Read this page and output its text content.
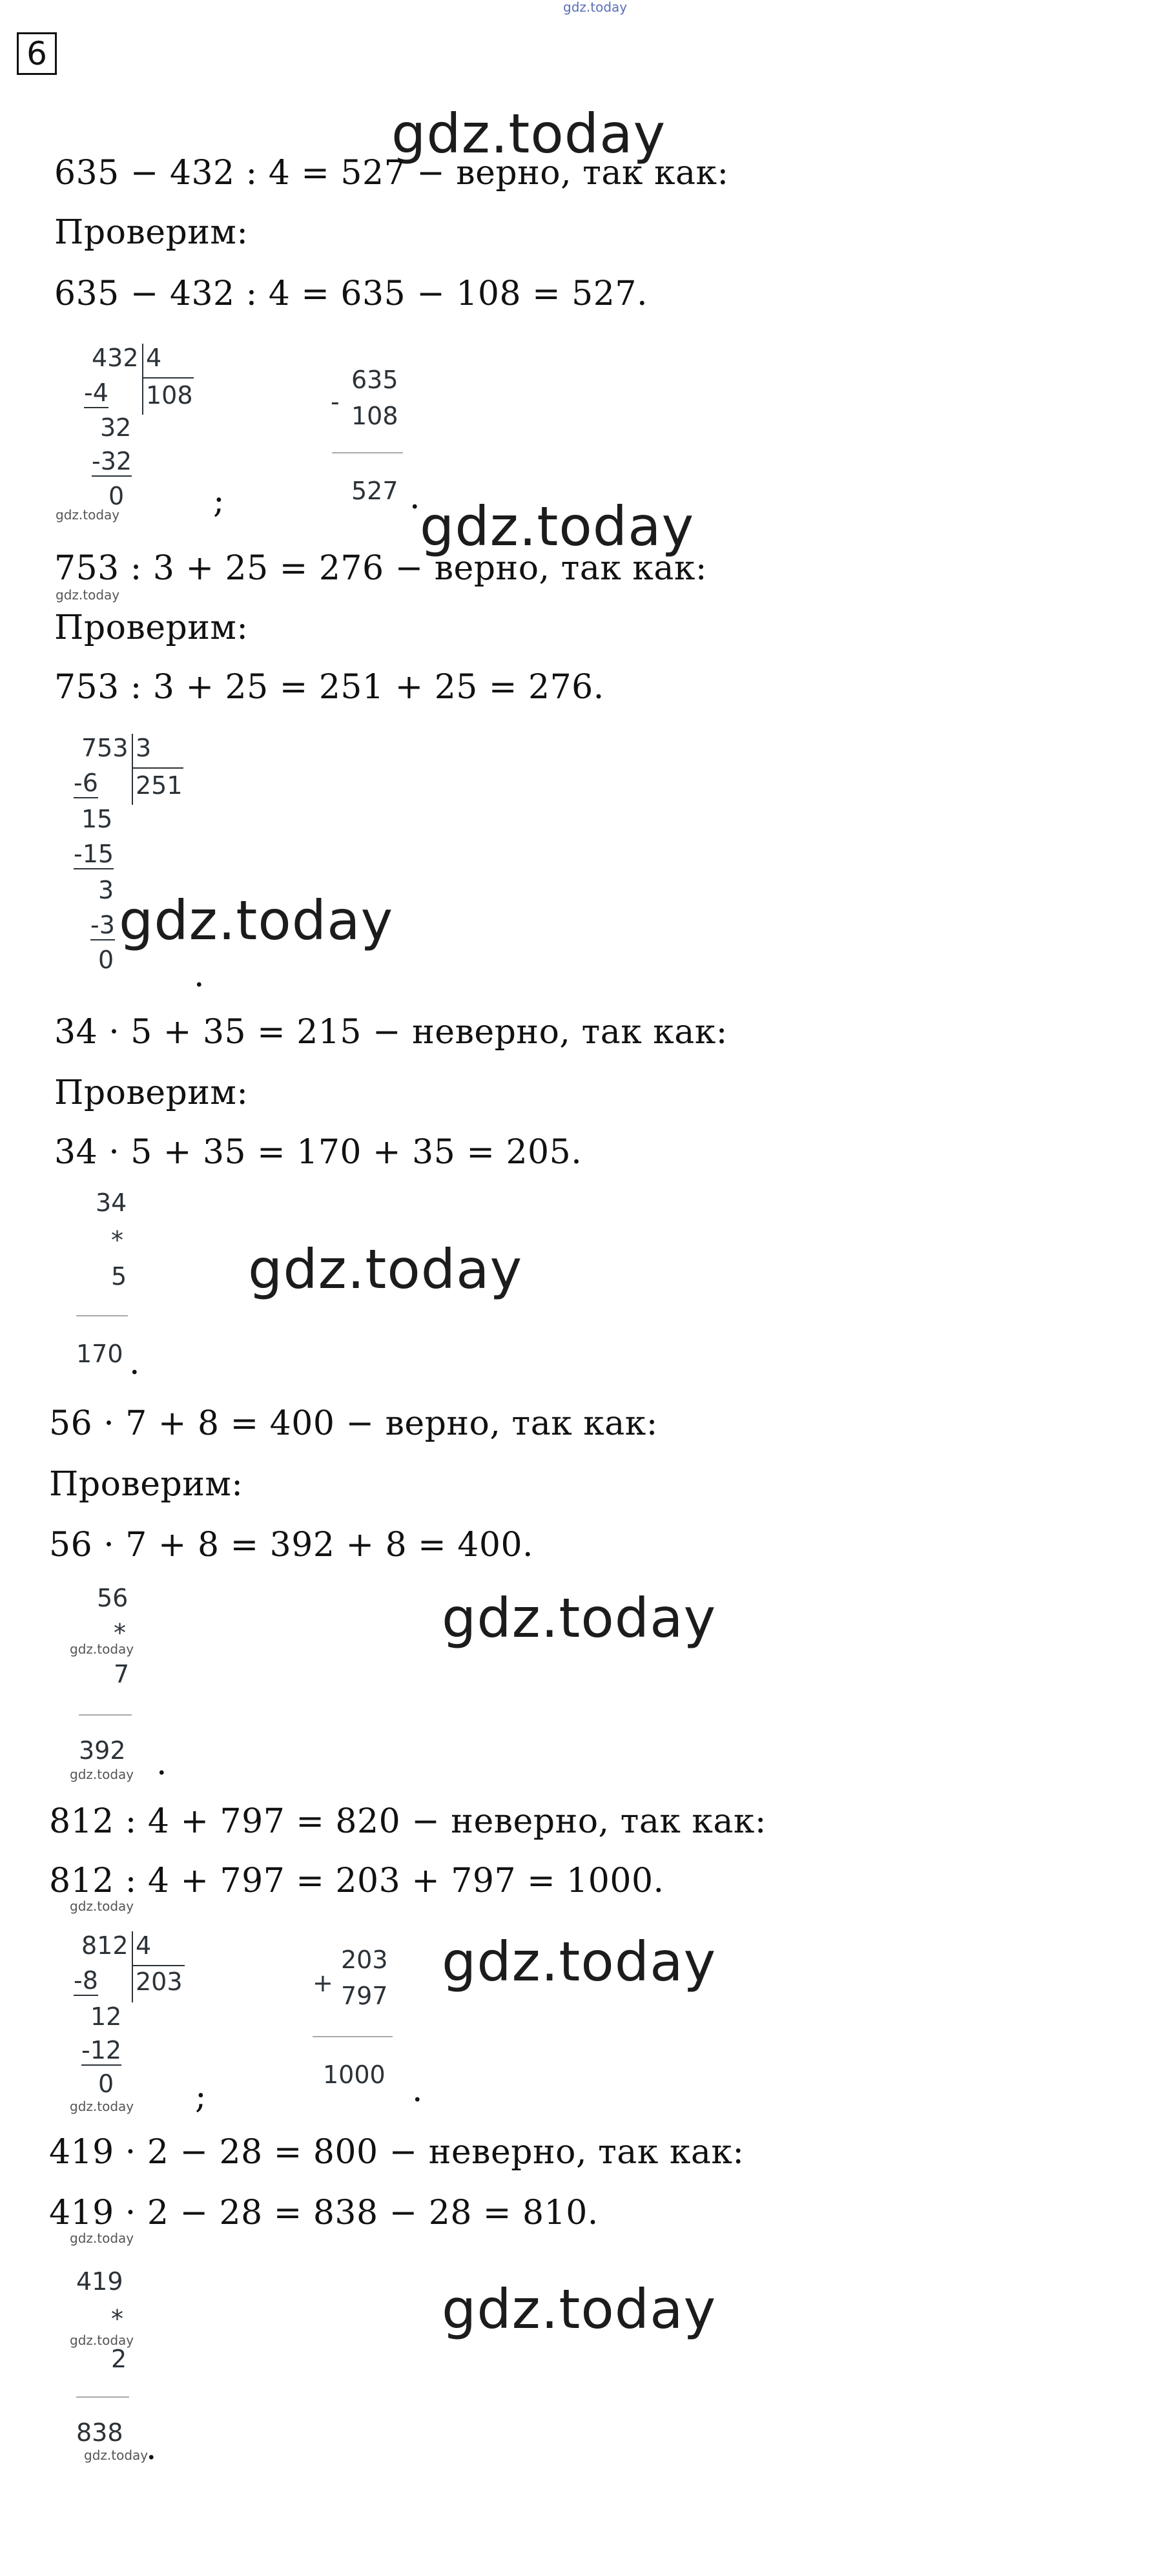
gdz.today
6
gdz.today
635 − 432 : 4 = 527 − верно, так как:
Проверим:
635 − 432 : 4 = 635 − 108 = 527.
432 4
108
-4
32
-32
0
gdz.today	;
-
635
108
527 .
gdz.today
753 : 3 + 25 = 276 − верно, так как:
gdz.today
Проверим:
753 : 3 + 25 = 251 + 25 = 276.
753 3
251
-6
15
-15
3
-3
0
gdz.today
.
34 · 5 + 35 = 215 − неверно, так как:
Проверим:
34 · 5 + 35 = 170 + 35 = 205.
34
*
5
170 .
gdz.today
56 · 7 + 8 = 400 − верно, так как:
Проверим:
56 · 7 + 8 = 392 + 8 = 400.
56
*
7
392
gdz.today
gdz.today .
gdz.today
812 : 4 + 797 = 820 − неверно, так как:
812 : 4 + 797 = 203 + 797 = 1000.
gdz.today
812 4
203
-8
12
-12
0
gdz.today ;
+
203
797
1000 .
gdz.today
419 · 2 − 28 = 800 − неверно, так как:
419 · 2 − 28 = 838 − 28 = 810.
gdz.today
419
*
2
838
gdz.today
gdz.today
.
gdz.today
